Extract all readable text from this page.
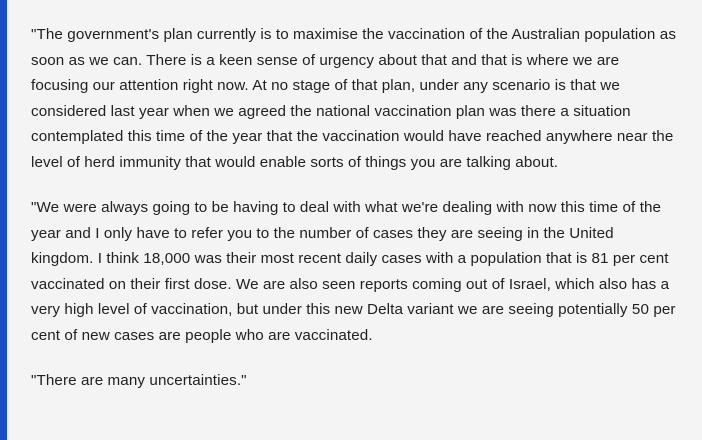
"The government's plan currently is to maximise the vaccination of the Australian population as soon as we can. There is a keen sense of urgency about that and that is where we are focusing our attention right now. At no stage of that plan, under any scenario is that we considered last year when we agreed the national vaccination plan was there a situation contemplated this time of the year that the vaccination would have reached anywhere near the level of herd immunity that would enable sorts of things you are talking about.

"We were always going to be having to deal with what we're dealing with now this time of the year and I only have to refer you to the number of cases they are seeing in the United kingdom. I think 18,000 was their most recent daily cases with a population that is 81 per cent vaccinated on their first dose. We are also seen reports coming out of Israel, which also has a very high level of vaccination, but under this new Delta variant we are seeing potentially 50 per cent of new cases are people who are vaccinated.

"There are many uncertainties."
